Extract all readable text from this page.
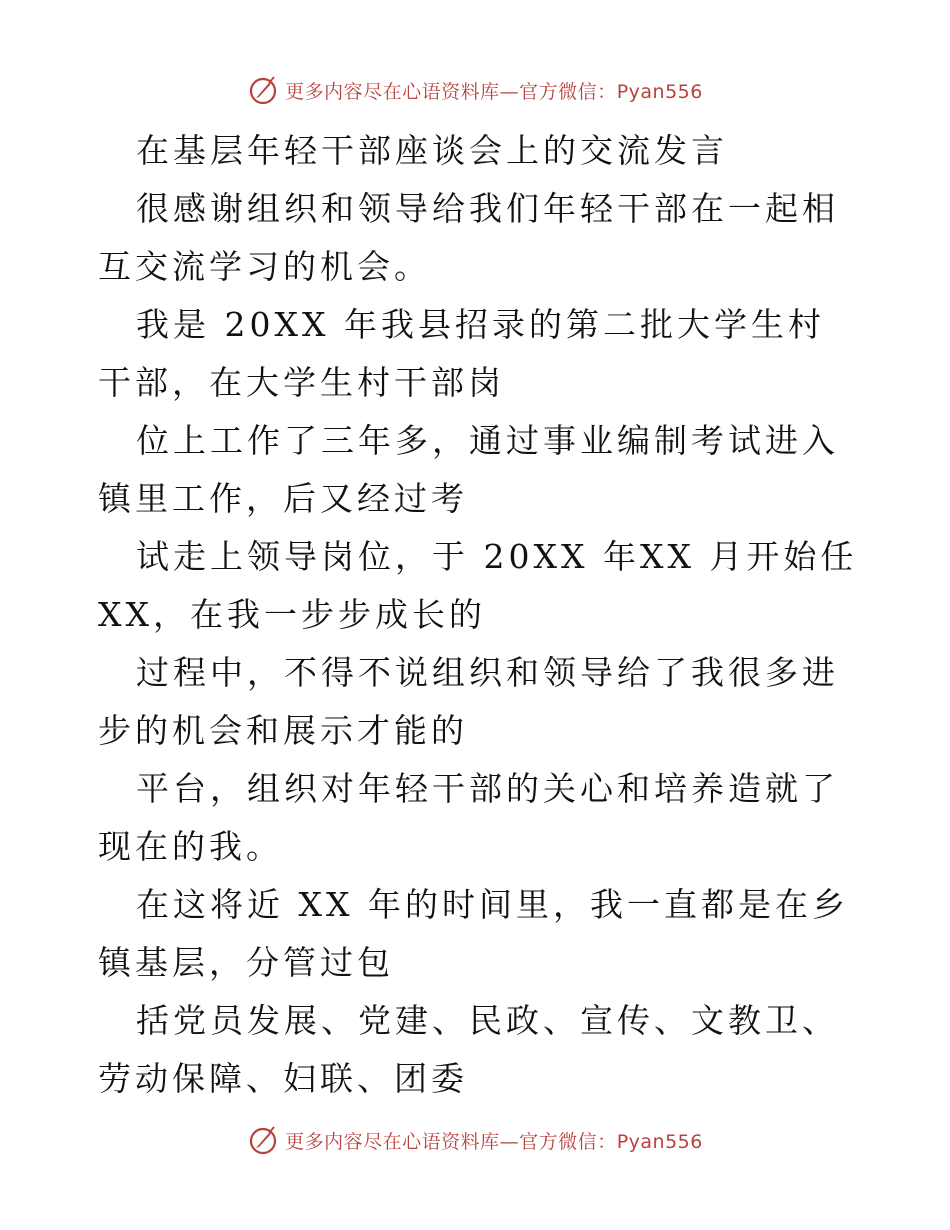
更多内容尽在心语资料库—官方微信：Pyan556

在基层年轻干部座谈会上的交流发言

很感谢组织和领导给我们年轻干部在一起相互交流学习的机会。

我是 20XX 年我县招录的第二批大学生村干部，在大学生村干部岗

位上工作了三年多，通过事业编制考试进入镇里工作，后又经过考

试走上领导岗位，于 20XX 年XX 月开始任 XX，在我一步步成长的

过程中，不得不说组织和领导给了我很多进步的机会和展示才能的

平台，组织对年轻干部的关心和培养造就了现在的我。

在这将近 XX 年的时间里，我一直都是在乡镇基层，分管过包

括党员发展、党建、民政、宣传、文教卫、劳动保障、妇联、团委

更多内容尽在心语资料库—官方微信：Pyan556
